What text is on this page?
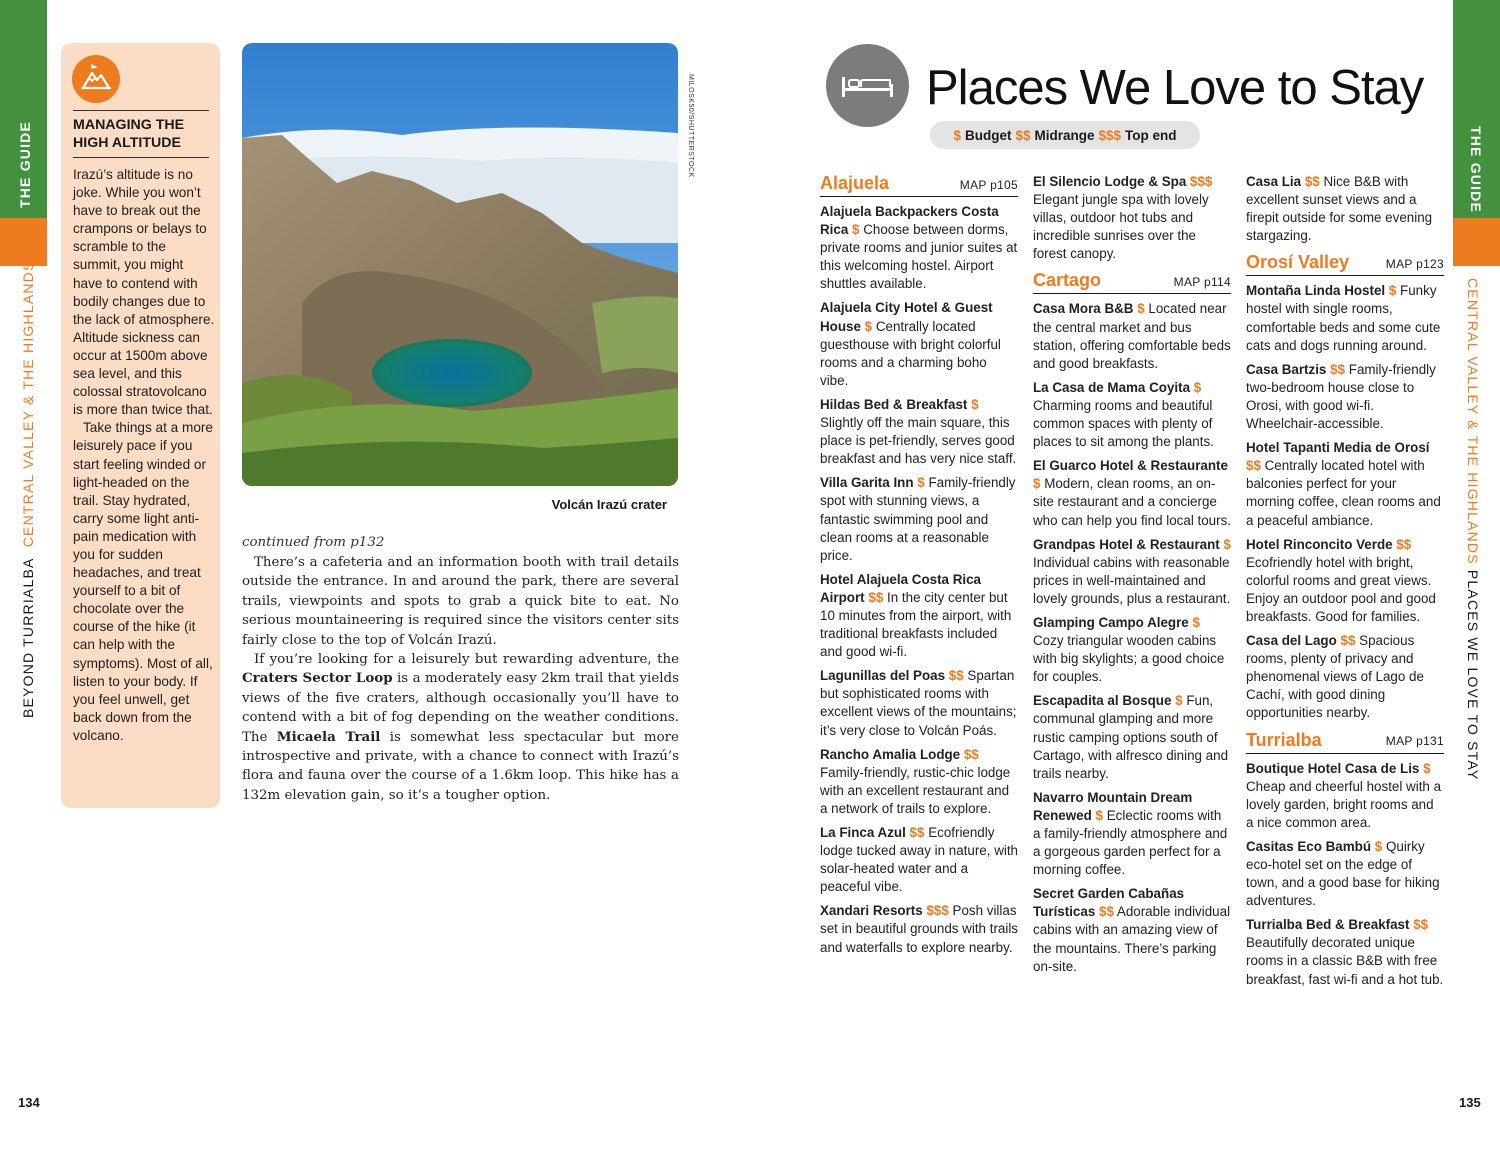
THE GUIDE
BEYOND TURRIALBA  CENTRAL VALLEY & THE HIGHLANDS
134
MANAGING THE HIGH ALTITUDE

Irazú’s altitude is no joke. While you won’t have to break out the crampons or belays to scramble to the summit, you might have to contend with bodily changes due to the lack of atmosphere. Altitude sickness can occur at 1500m above sea level, and this colossal stratovolcano is more than twice that.

Take things at a more leisurely pace if you start feeling winded or light-headed on the trail. Stay hydrated, carry some light anti-pain medication with you for sudden headaches, and treat yourself to a bit of chocolate over the course of the hike (it can help with the symptoms). Most of all, listen to your body. If you feel unwell, get back down from the volcano.

MILOSK50/SHUTTERSTOCK
Volcán Irazú crater
continued from p132

There’s a cafeteria and an information booth with trail details outside the entrance. In and around the park, there are several trails, viewpoints and spots to grab a quick bite to eat. No serious mountaineering is required since the visitors center sits fairly close to the top of Volcán Irazú.

If you’re looking for a leisurely but rewarding adventure, the Craters Sector Loop is a moderately easy 2km trail that yields views of the five craters, although occasionally you’ll have to contend with a bit of fog depending on the weather conditions. The Micaela Trail is somewhat less spectacular but more introspective and private, with a chance to connect with Irazú’s flora and fauna over the course of a 1.6km loop. This hike has a 132m elevation gain, so it’s a tougher option.

Places We Love to Stay
$ Budget $$ Midrange $$$ Top end
Alajuela	MAP p105
Alajuela Backpackers Costa Rica $ Choose between dorms, private rooms and junior suites at this welcoming hostel. Airport shuttles available.
Alajuela City Hotel & Guest House $ Centrally located guesthouse with bright colorful rooms and a charming boho vibe.
Hildas Bed & Breakfast $ Slightly off the main square, this place is pet-friendly, serves good breakfast and has very nice staff.
Villa Garita Inn $ Family-friendly spot with stunning views, a fantastic swimming pool and clean rooms at a reasonable price.
Hotel Alajuela Costa Rica Airport $$ In the city center but 10 minutes from the airport, with traditional breakfasts included and good wi-fi.
Lagunillas del Poas $$ Spartan but sophisticated rooms with excellent views of the mountains; it’s very close to Volcán Poás.
Rancho Amalia Lodge $$ Family-friendly, rustic-chic lodge with an excellent restaurant and a network of trails to explore.
La Finca Azul $$ Ecofriendly lodge tucked away in nature, with solar-heated water and a peaceful vibe.
Xandari Resorts $$$ Posh villas set in beautiful grounds with trails and waterfalls to explore nearby.
El Silencio Lodge & Spa $$$ Elegant jungle spa with lovely villas, outdoor hot tubs and incredible sunrises over the forest canopy.
Cartago	MAP p114
Casa Mora B&B $ Located near the central market and bus station, offering comfortable beds and good breakfasts.
La Casa de Mama Coyita $ Charming rooms and beautiful common spaces with plenty of places to sit among the plants.
El Guarco Hotel & Restaurante $ Modern, clean rooms, an on-site restaurant and a concierge who can help you find local tours.
Grandpas Hotel & Restaurant $ Individual cabins with reasonable prices in well-maintained and lovely grounds, plus a restaurant.
Glamping Campo Alegre $ Cozy triangular wooden cabins with big skylights; a good choice for couples.
Escapadita al Bosque $ Fun, communal glamping and more rustic camping options south of Cartago, with alfresco dining and trails nearby.
Navarro Mountain Dream Renewed $ Eclectic rooms with a family-friendly atmosphere and a gorgeous garden perfect for a morning coffee.
Secret Garden Cabañas Turísticas $$ Adorable individual cabins with an amazing view of the mountains. There’s parking on-site.
Casa Lia $$ Nice B&B with excellent sunset views and a firepit outside for some evening stargazing.
Orosí Valley	MAP p123
Montaña Linda Hostel $ Funky hostel with single rooms, comfortable beds and some cute cats and dogs running around.
Casa Bartzis $$ Family-friendly two-bedroom house close to Orosi, with good wi-fi. Wheelchair-accessible.
Hotel Tapanti Media de Orosí $$ Centrally located hotel with balconies perfect for your morning coffee, clean rooms and a peaceful ambiance.
Hotel Rinconcito Verde $$ Ecofriendly hotel with bright, colorful rooms and great views. Enjoy an outdoor pool and good breakfasts. Good for families.
Casa del Lago $$ Spacious rooms, plenty of privacy and phenomenal views of Lago de Cachí, with good dining opportunities nearby.
Turrialba	MAP p131
Boutique Hotel Casa de Lis $ Cheap and cheerful hostel with a lovely garden, bright rooms and a nice common area.
Casitas Eco Bambú $ Quirky eco-hotel set on the edge of town, and a good base for hiking adventures.
Turrialba Bed & Breakfast $$ Beautifully decorated unique rooms in a classic B&B with free breakfast, fast wi-fi and a hot tub.
THE GUIDE
CENTRAL VALLEY & THE HIGHLANDS PLACES WE LOVE TO STAY
135
